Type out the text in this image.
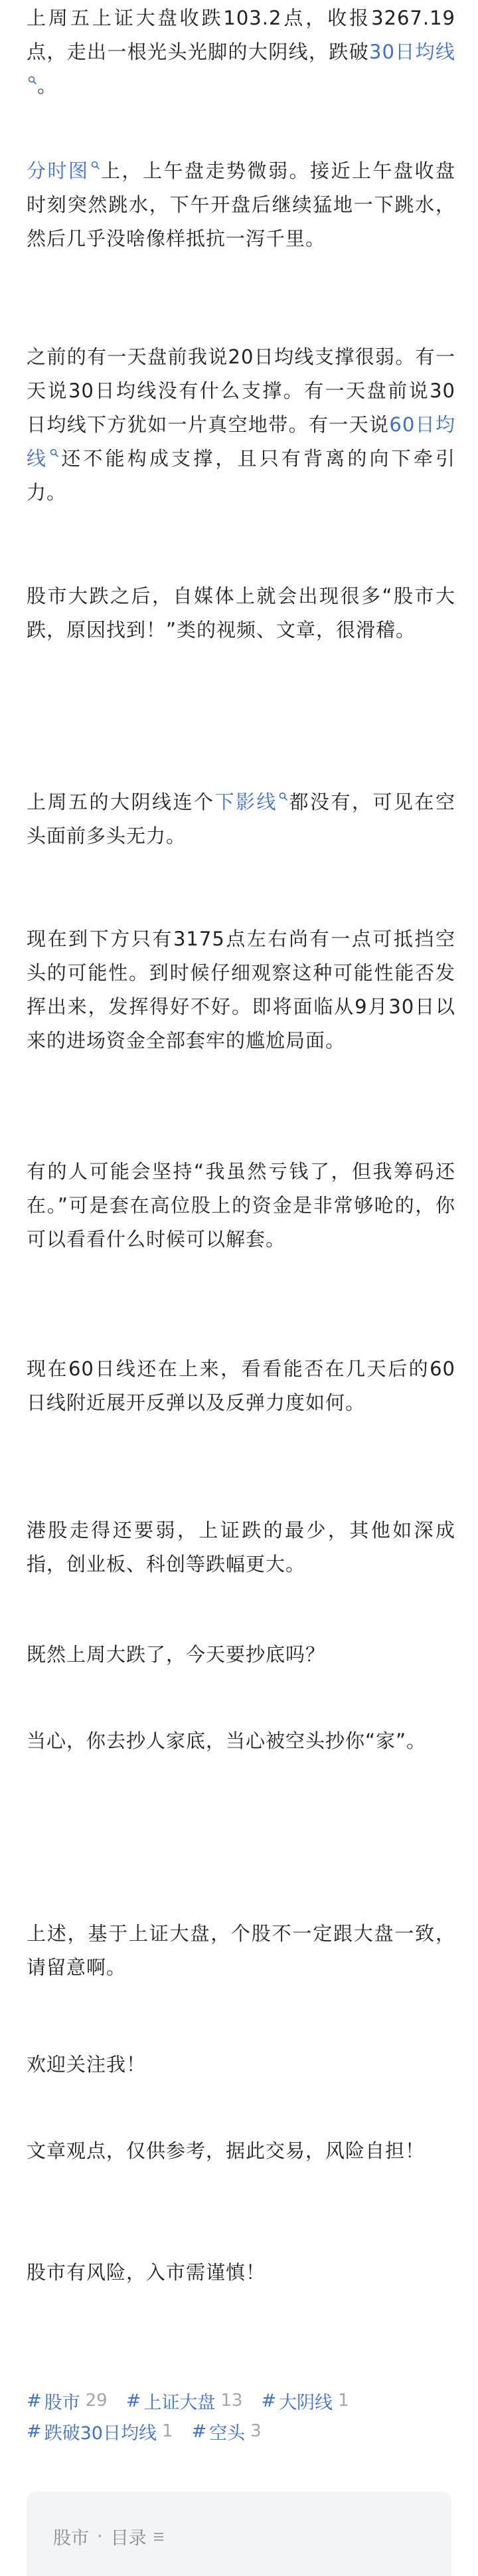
上周五上证大盘收跌103.2点，收报3267.19点，走出一根光头光脚的大阴线，跌破30日均线。

分时图 上，上午盘走势微弱。接近上午盘收盘时刻突然跳水，下午开盘后继续猛地一下跳水，然后几乎没啥像样抵抗一泻千里。

之前的有一天盘前我说20日均线支撑很弱。有一天说30日均线没有什么支撑。有一天盘前说30日均线下方犹如一片真空地带。有一天说60日均线 还不能构成支撑，且只有背离的向下牵引力。

股市大跌之后，自媒体上就会出现很多“股市大跌，原因找到！”类的视频、文章，很滑稽。

上周五的大阴线连个下影线 都没有，可见在空头面前多头无力。

现在到下方只有3175点左右尚有一点可抵挡空头的可能性。到时候仔细观察这种可能性能否发挥出来，发挥得好不好。即将面临从9月30日以来的进场资金全部套牢的尴尬局面。

有的人可能会坚持“我虽然亏钱了，但我筹码还在。”可是套在高位股上的资金是非常够呛的，你可以看看什么时候可以解套。

现在60日线还在上来，看看能否在几天后的60日线附近展开反弹以及反弹力度如何。

港股走得还要弱，上证跌的最少，其他如深成指，创业板、科创等跌幅更大。

既然上周大跌了，今天要抄底吗？

当心，你去抄人家底，当心被空头抄你“家”。

上述，基于上证大盘，个股不一定跟大盘一致，请留意啊。

欢迎关注我！

文章观点，仅供参考，据此交易，风险自担！

股市有风险，入市需谨慎！

# 股市 29 # 上证大盘 13 # 大阴线 1
# 跌破30日均线 1 # 空头 3
股市 · 目录
